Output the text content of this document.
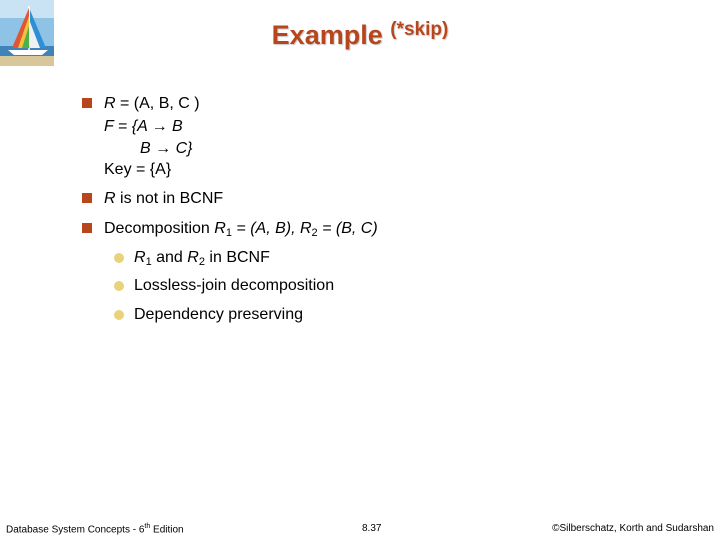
Example $^{(*skip)}$
R = (A, B, C )
F = {A → B
B → C}
Key = {A}
R is not in BCNF
Decomposition $R_1 = (A$, B), $R_2 = (B$, C)
$R_1$ and $R_2$ in BCNF
Lossless-join decomposition
Dependency preserving
Database System Concepts - 6th Edition	8.37	©Silberschatz, Korth and Sudarshan
